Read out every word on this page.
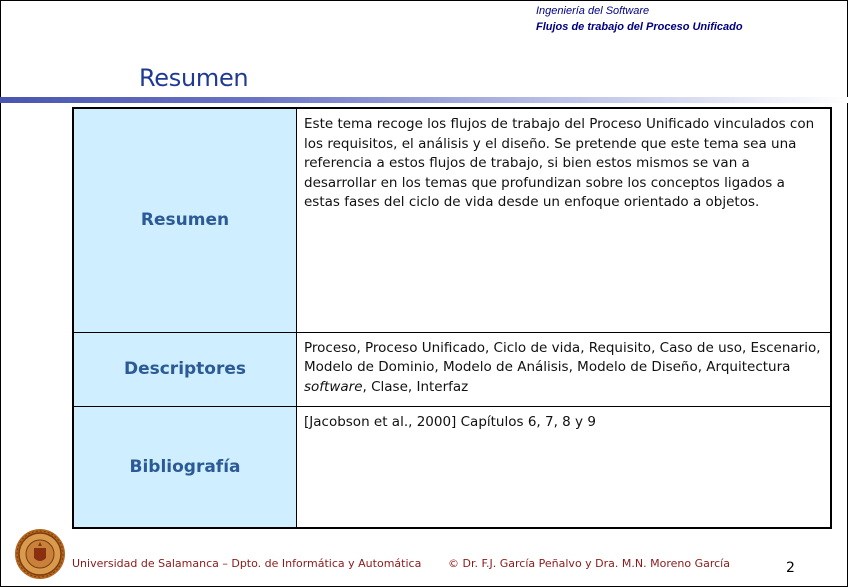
Ingeniería del Software
Flujos de trabajo del Proceso Unificado
Resumen
Resumen	Este tema recoge los flujos de trabajo del Proceso Unificado vinculados con los requisitos, el análisis y el diseño. Se pretende que este tema sea una referencia a estos flujos de trabajo, si bien estos mismos se van a desarrollar en los temas que profundizan sobre los conceptos ligados a estas fases del ciclo de vida desde un enfoque orientado a objetos.
Descriptores	Proceso, Proceso Unificado, Ciclo de vida, Requisito, Caso de uso, Escenario, Modelo de Dominio, Modelo de Análisis, Modelo de Diseño, Arquitectura software, Clase, Interfaz
Bibliografía	[Jacobson et al., 2000] Capítulos 6, 7, 8 y 9
Universidad de Salamanca – Dpto. de Informática y Automática © Dr. F.J. García Peñalvo y Dra. M.N. Moreno García	2
